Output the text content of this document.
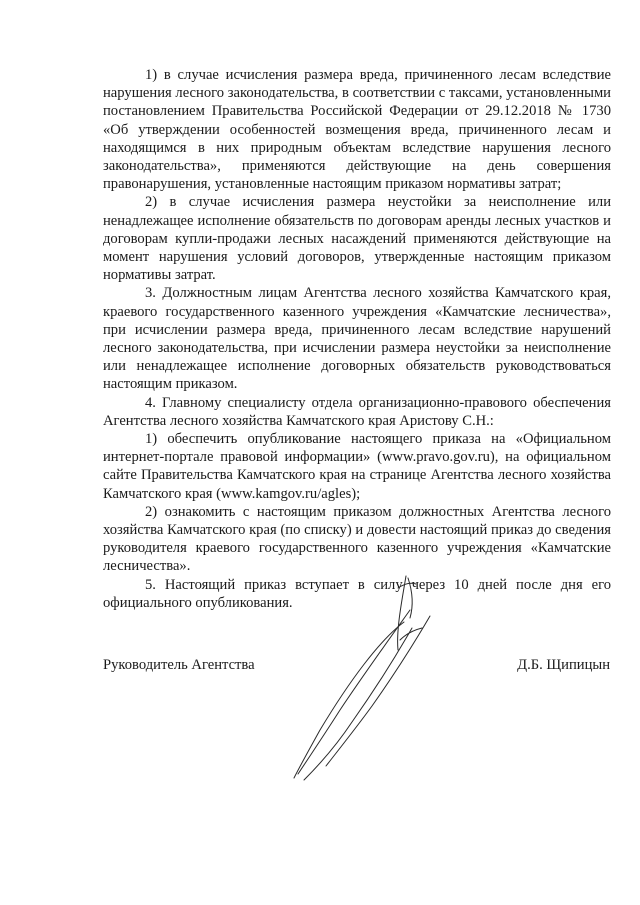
1) в случае исчисления размера вреда, причиненного лесам вследствие нарушения лесного законодательства, в соответствии с таксами, установленными постановлением Правительства Российской Федерации от 29.12.2018 № 1730 «Об утверждении особенностей возмещения вреда, причиненного лесам и находящимся в них природным объектам вследствие нарушения лесного законодательства», применяются действующие на день совершения правонарушения, установленные настоящим приказом нормативы затрат;

2) в случае исчисления размера неустойки за неисполнение или ненадлежащее исполнение обязательств по договорам аренды лесных участков и договорам купли-продажи лесных насаждений применяются действующие на момент нарушения условий договоров, утвержденные настоящим приказом нормативы затрат.

3. Должностным лицам Агентства лесного хозяйства Камчатского края, краевого государственного казенного учреждения «Камчатские лесничества», при исчислении размера вреда, причиненного лесам вследствие нарушений лесного законодательства, при исчислении размера неустойки за неисполнение или ненадлежащее исполнение договорных обязательств руководствоваться настоящим приказом.

4. Главному специалисту отдела организационно-правового обеспечения Агентства лесного хозяйства Камчатского края Аристову С.Н.:

1) обеспечить опубликование настоящего приказа на «Официальном интернет-портале правовой информации» (www.pravo.gov.ru), на официальном сайте Правительства Камчатского края на странице Агентства лесного хозяйства Камчатского края (www.kamgov.ru/agles);

2) ознакомить с настоящим приказом должностных Агентства лесного хозяйства Камчатского края (по списку) и довести настоящий приказ до сведения руководителя краевого государственного казенного учреждения «Камчатские лесничества».

5. Настоящий приказ вступает в силу через 10 дней после дня его официального опубликования.

Руководитель Агентства	Д.Б. Щипицын
